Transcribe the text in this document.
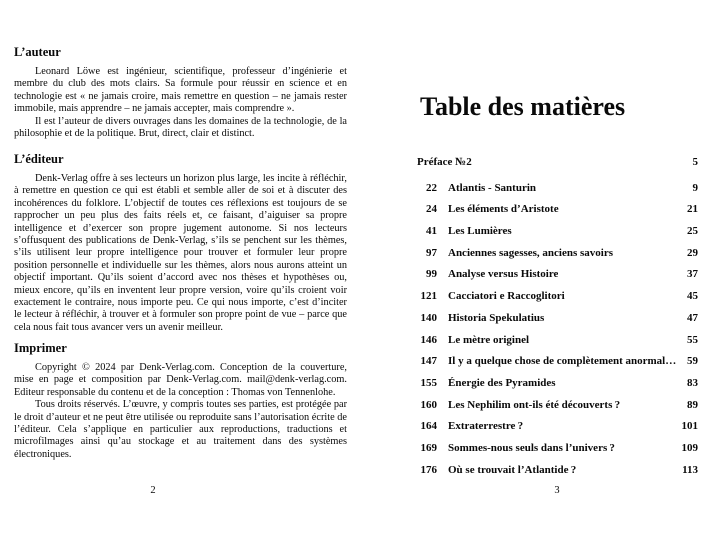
L’auteur

Leonard Löwe est ingénieur, scientifique, professeur d’ingénierie et membre du club des mots clairs. Sa formule pour réussir en science et en technologie est « ne jamais croire, mais remettre en question – ne jamais rester immobile, mais apprendre – ne jamais accepter, mais comprendre ».

Il est l’auteur de divers ouvrages dans les domaines de la technologie, de la philosophie et de la politique. Brut, direct, clair et distinct.

L’éditeur

Denk-Verlag offre à ses lecteurs un horizon plus large, les incite à réfléchir, à remettre en question ce qui est établi et semble aller de soi et à discuter des incohérences du folklore. L’objectif de toutes ces réflexions est toujours de se rapprocher un peu plus des faits réels et, ce faisant, d’aiguiser sa propre intelligence et d’exercer son propre jugement autonome. Si nos lecteurs s’offusquent des publications de Denk-Verlag, s’ils se penchent sur les thèmes, s’ils utilisent leur propre intelligence pour trouver et formuler leur propre position personnelle et individuelle sur les thèmes, alors nous aurons atteint un objectif important. Qu’ils soient d’accord avec nos thèses et hypothèses ou, mieux encore, qu’ils en inventent leur propre version, voire qu’ils croient voir exactement le contraire, nous importe peu. Ce qui nous importe, c’est d’inciter le lecteur à réfléchir, à trouver et à formuler son propre point de vue – parce que cela nous fait tous avancer vers un avenir meilleur.

Imprimer

Copyright © 2024 par Denk-Verlag.com. Conception de la couverture, mise en page et composition par Denk-Verlag.com. mail@denk-verlag.com. Editeur responsable du contenu et de la conception : Thomas von Tennenlohe.

Tous droits réservés. L’œuvre, y compris toutes ses parties, est protégée par le droit d’auteur et ne peut être utilisée ou reproduite sans l’autorisation écrite de l’éditeur. Cela s’applique en particulier aux reproductions, traductions et microfilmages ainsi qu’au stockage et au traitement dans des systèmes électroniques.

2
Table des matières
Préface №2	5
22 Atlantis - Santurin	9
24 Les éléments d’Aristote	21
41 Les Lumières	25
97 Anciennes sagesses, anciens savoirs	29
99 Analyse versus Histoire	37
121 Cacciatori e Raccoglitori	45
140 Historia Spekulatius	47
146 Le mètre originel	55
147 Il y a quelque chose de complètement anormal… 59
155 Énergie des Pyramides	83
160 Les Nephilim ont-ils été découverts ?	89
164 Extraterrestre ?	101
169 Sommes-nous seuls dans l’univers ?	109
176 Où se trouvait l’Atlantide ?	113
3
